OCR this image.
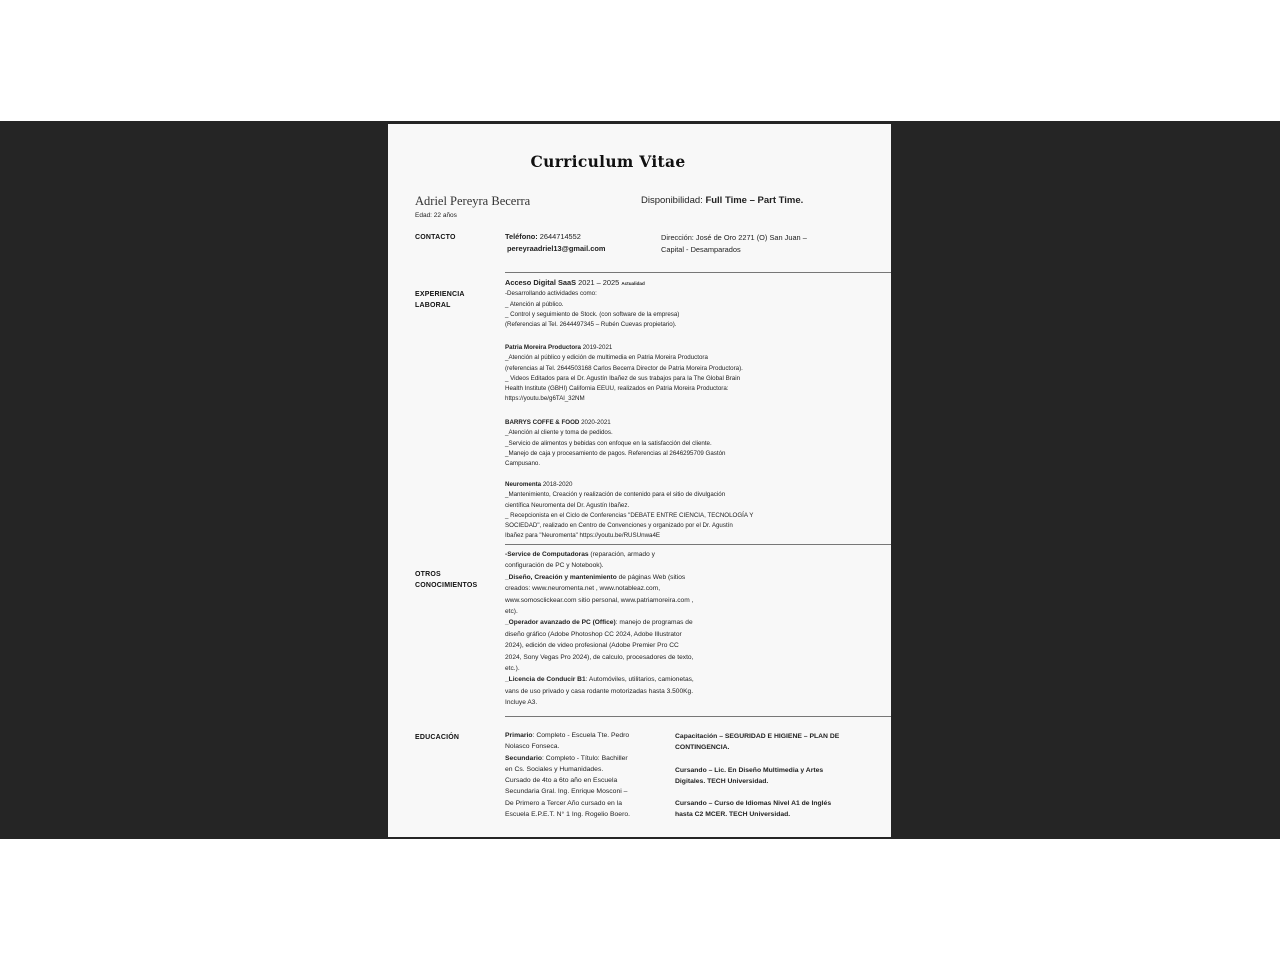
Curriculum Vitae
Adriel Pereyra Becerra
Edad: 22 años
Disponibilidad: Full Time – Part Time.
CONTACTO	Teléfono: 2644714552
pereyraadriel13@gmail.com
Dirección: José de Oro 2271 (O) San Juan –
Capital - Desamparados
EXPERIENCIA
LABORAL
Acceso Digital SaaS 2021 – 2025 Actualidad
-Desarrollando actividades como:
_ Atención al público.
_ Control y seguimiento de Stock. (con software de la empresa)
(Referencias al Tel. 2644497345 – Rubén Cuevas propietario).
Patria Moreira Productora 2019-2021
_Atención al público y edición de multimedia en Patria Moreira Productora
(referencias al Tel. 2644503168 Carlos Becerra Director de Patria Moreira Productora).
_ Videos Editados para el Dr. Agustín Ibañez de sus trabajos para la The Global Brain
Health Institute (GBHI) California EEUU, realizados en Patria Moreira Productora:
https://youtu.be/g6TAl_32NM
BARRYS COFFE & FOOD 2020-2021
_Atención al cliente y toma de pedidos.
_Servicio de alimentos y bebidas con enfoque en la satisfacción del cliente.
_Manejo de caja y procesamiento de pagos. Referencias al 2646295709 Gastón
Campusano.
Neuromenta 2018-2020
_Mantenimiento, Creación y realización de contenido para el sitio de divulgación
científica Neuromenta del Dr. Agustín Ibañez.
_ Recepcionista en el Ciclo de Conferencias "DEBATE ENTRE CIENCIA, TECNOLOGÍA Y
SOCIEDAD", realizado en Centro de Convenciones y organizado por el Dr. Agustín
Ibañez para "Neuromenta" https://youtu.be/RUSUnwa4E
OTROS
CONOCIMIENTOS
-Service de Computadoras (reparación, armado y
configuración de PC y Notebook).
_Diseño, Creación y mantenimiento de páginas Web (sitios
creados: www.neuromenta.net , www.notableaz.com,
www.somosclickear.com sitio personal, www.patriamoreira.com ,
etc).
_Operador avanzado de PC (Office): manejo de programas de
diseño gráfico (Adobe Photoshop CC 2024, Adobe Illustrator
2024), edición de video profesional (Adobe Premier Pro CC
2024, Sony Vegas Pro 2024), de calculo, procesadores de texto,
etc.).
_Licencia de Conducir B1: Automóviles, utilitarios, camionetas,
vans de uso privado y casa rodante motorizadas hasta 3.500Kg.
Incluye A3.
EDUCACIÓN	Primario: Completo - Escuela Tte. Pedro
Nolasco Fonseca.
Secundario: Completo - Título: Bachiller
en Cs. Sociales y Humanidades.
Cursado de 4to a 6to año en Escuela
Secundaria Gral. Ing. Enrique Mosconi –
De Primero a Tercer Año cursado en la
Escuela E.P.E.T. N° 1 Ing. Rogelio Boero.
Capacitación – SEGURIDAD E HIGIENE – PLAN DE
CONTINGENCIA.
Cursando – Lic. En Diseño Multimedia y Artes
Digitales. TECH Universidad.
Cursando – Curso de Idiomas Nivel A1 de Inglés
hasta C2 MCER. TECH Universidad.
